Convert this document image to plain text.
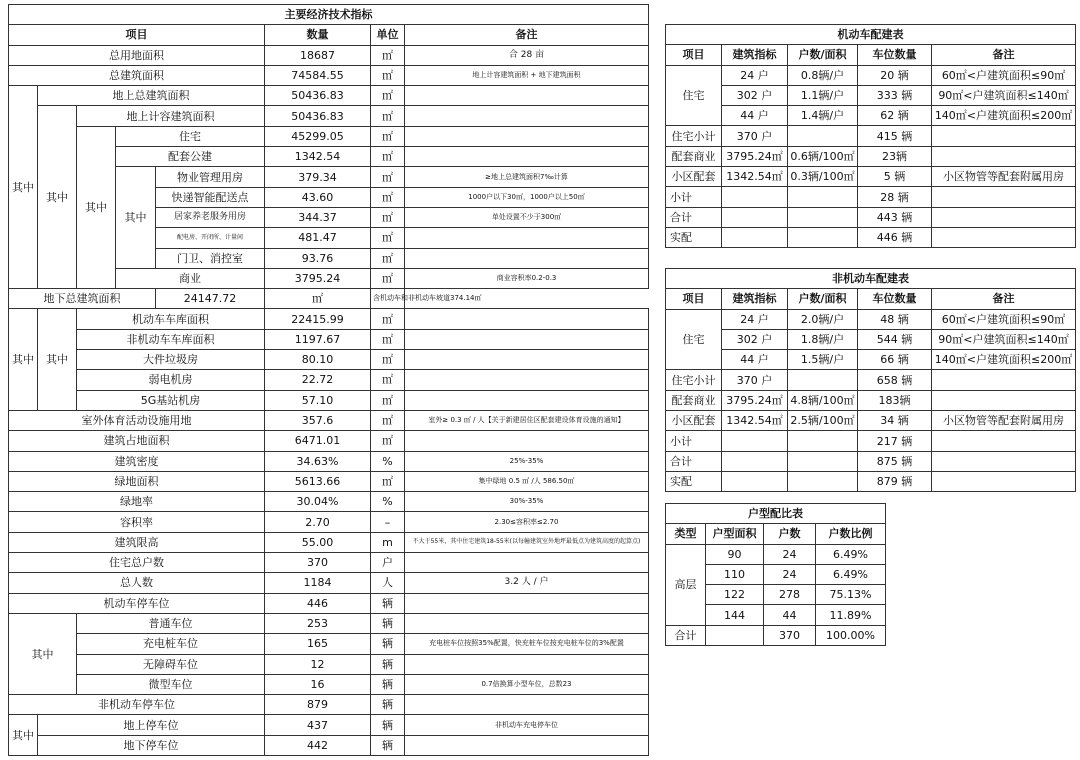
主要经济技术指标							
项目					数量	单位	备注
总用地面积					18687	㎡	合 28 亩
总建筑面积					74584.55	㎡	地上计容建筑面积 + 地下建筑面积
其中	地上总建筑面积				50436.83	㎡	
	其中	地上计容建筑面积			50436.83	㎡	
		其中	住宅		45299.05	㎡	
			配套公建		1342.54	㎡	
			其中	物业管理用房	379.34	㎡	≥地上总建筑面积7‰计算
				快递智能配送点	43.60	㎡	1000户以下30㎡，1000户以上50㎡
				居家养老服务用房	344.37	㎡	单处设置不少于300㎡
				配电房、开闭所、计量间	481.47	㎡	
				门卫、消控室	93.76	㎡	
			商业		3795.24	㎡	商业容积率0.2-0.3
地下总建筑面积				24147.72	㎡	含机动车和非机动车坡道374.14㎡	
其中	其中	机动车车库面积			22415.99	㎡	
		非机动车车库面积			1197.67	㎡	
		大件垃圾房			80.10	㎡	
		弱电机房			22.72	㎡	
		5G基站机房			57.10	㎡	
室外体育活动设施用地					357.6	㎡	室外≥ 0.3 ㎡ / 人【关于新建居住区配套建设体育设施的通知】
建筑占地面积					6471.01	㎡	
建筑密度					34.63%	%	25%-35%
绿地面积					5613.66	㎡	集中绿地 0.5 ㎡ /人 586.50㎡
绿地率					30.04%	%	30%-35%
容积率					2.70	–	2.30≤容积率≤2.70
建筑限高					55.00	m	不大于55米，其中住宅建筑18-55米(以每幢建筑室外地坪最低点为建筑高度的起算点)
住宅总户数					370	户	
总人数					1184	人	3.2 人 / 户
机动车停车位					446	辆	
其中		普通车位			253	辆	
		充电桩车位			165	辆	充电桩车位按照35%配置，快充桩车位按充电桩车位的3%配置
		无障碍车位			12	辆	
		微型车位			16	辆	0.7倍换算小型车位，总数23
非机动车停车位					879	辆	
其中	地上停车位				437	辆	非机动车充电停车位
	地下停车位				442	辆	
机动车配建表				
项目	建筑指标	户数/面积	车位数量	备注
住宅	24 户	0.8辆/户	20 辆	60㎡<户建筑面积≤90㎡
	302 户	1.1辆/户	333 辆	90㎡<户建筑面积≤140㎡
	44 户	1.4辆/户	62 辆	140㎡<户建筑面积≤200㎡
住宅小计	370 户		415 辆	
配套商业	3795.24㎡	0.6辆/100㎡	23辆	
小区配套	1342.54㎡	0.3辆/100㎡	5 辆	小区物管等配套附属用房
小计			28 辆	
合计			443 辆	
实配			446 辆	
非机动车配建表				
项目	建筑指标	户数/面积	车位数量	备注
住宅	24 户	2.0辆/户	48 辆	60㎡<户建筑面积≤90㎡
	302 户	1.8辆/户	544 辆	90㎡<户建筑面积≤140㎡
	44 户	1.5辆/户	66 辆	140㎡<户建筑面积≤200㎡
住宅小计	370 户		658 辆	
配套商业	3795.24㎡	4.8辆/100㎡	183辆	
小区配套	1342.54㎡	2.5辆/100㎡	34 辆	小区物管等配套附属用房
小计			217 辆	
合计			875 辆	
实配			879 辆	
户型配比表			
类型	户型面积	户数	户数比例
高层	90	24	6.49%
	110	24	6.49%
	122	278	75.13%
	144	44	11.89%
合计		370	100.00%
